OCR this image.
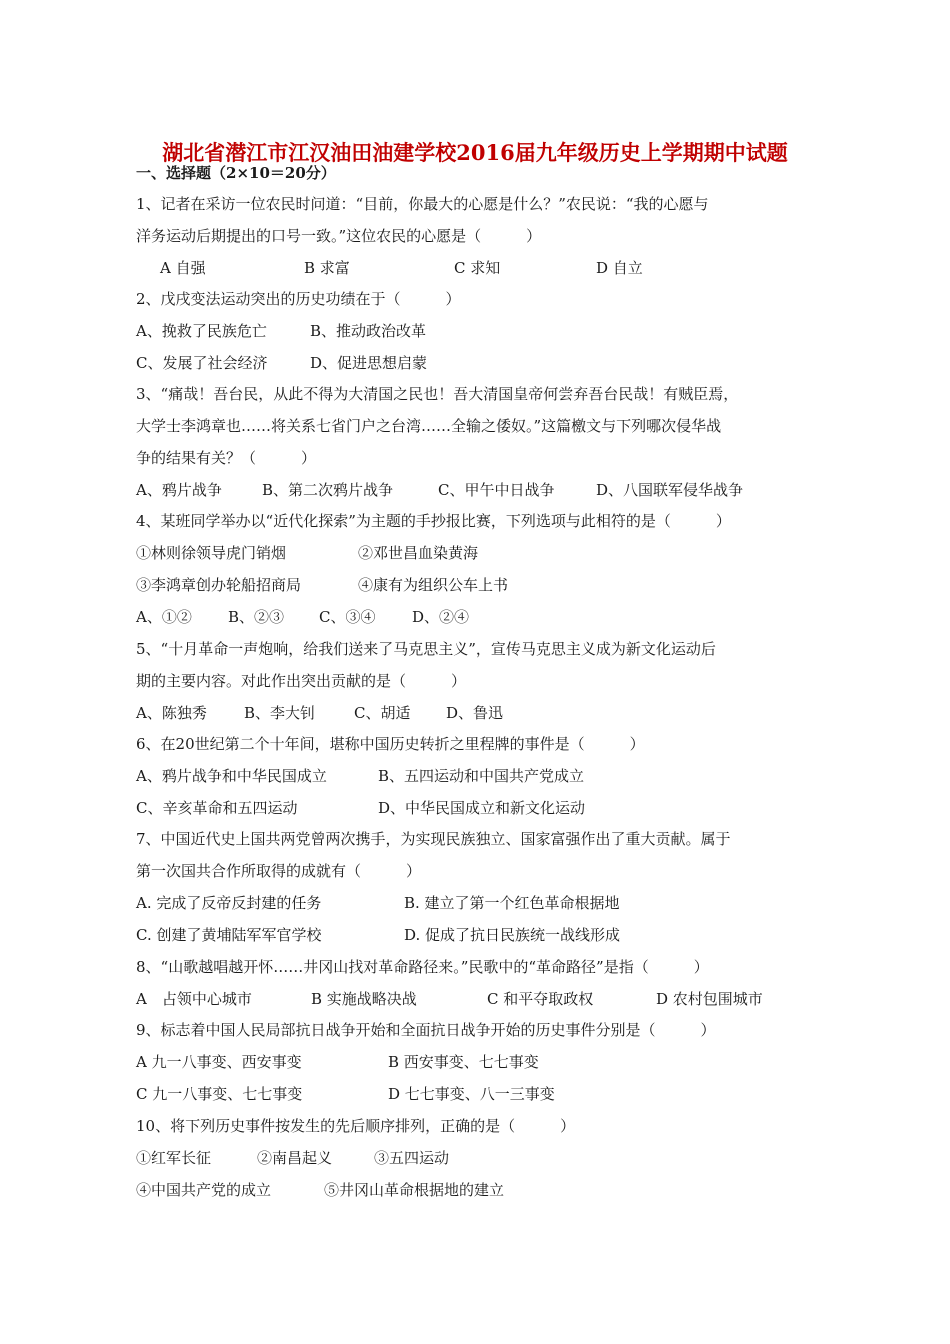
湖北省潜江市江汉油田油建学校2016届九年级历史上学期期中试题
一、选择题（2×10＝20分）
1、记者在采访一位农民时问道：“目前，你最大的心愿是什么？”农民说：“我的心愿与
洋务运动后期提出的口号一致。”这位农民的心愿是（　　　）
A 自强	B 求富	C 求知	D 自立
2、戊戌变法运动突出的历史功绩在于（　　　）
A、挽救了民族危亡	B、推动政治改革
C、发展了社会经济	D、促进思想启蒙
3、“痛哉！吾台民，从此不得为大清国之民也！吾大清国皇帝何尝弃吾台民哉！有贼臣焉，
大学士李鸿章也……将关系七省门户之台湾……全输之倭奴。”这篇檄文与下列哪次侵华战
争的结果有关？（　　　）
A、鸦片战争	B、第二次鸦片战争	C、甲午中日战争	D、八国联军侵华战争
4、某班同学举办以“近代化探索”为主题的手抄报比赛，下列选项与此相符的是（　　　）
①林则徐领导虎门销烟	②邓世昌血染黄海
③李鸿章创办轮船招商局	④康有为组织公车上书
A、①② B、②③ C、③④ D、②④
5、“十月革命一声炮响，给我们送来了马克思主义”，宣传马克思主义成为新文化运动后
期的主要内容。对此作出突出贡献的是（　　　）
A、陈独秀 B、李大钊	C、胡适 D、鲁迅
6、在20世纪第二个十年间，堪称中国历史转折之里程牌的事件是（　　　）
A、鸦片战争和中华民国成立	B、五四运动和中国共产党成立
C、辛亥革命和五四运动	D、中华民国成立和新文化运动
7、中国近代史上国共两党曾两次携手，为实现民族独立、国家富强作出了重大贡献。属于
第一次国共合作所取得的成就有（　　　）
A. 完成了反帝反封建的任务	B. 建立了第一个红色革命根据地
C. 创建了黄埔陆军军官学校	D. 促成了抗日民族统一战线形成
8、“山歌越唱越开怀……井冈山找对革命路径来。”民歌中的“革命路径”是指（　　　）
A　占领中心城市	B 实施战略决战	C 和平夺取政权	D 农村包围城市
9、标志着中国人民局部抗日战争开始和全面抗日战争开始的历史事件分别是（　　　）
A 九一八事变、西安事变	B 西安事变、七七事变
C 九一八事变、七七事变	D 七七事变、八一三事变
10、将下列历史事件按发生的先后顺序排列，正确的是（　　　）
①红军长征	②南昌起义	③五四运动
④中国共产党的成立	⑤井冈山革命根据地的建立
